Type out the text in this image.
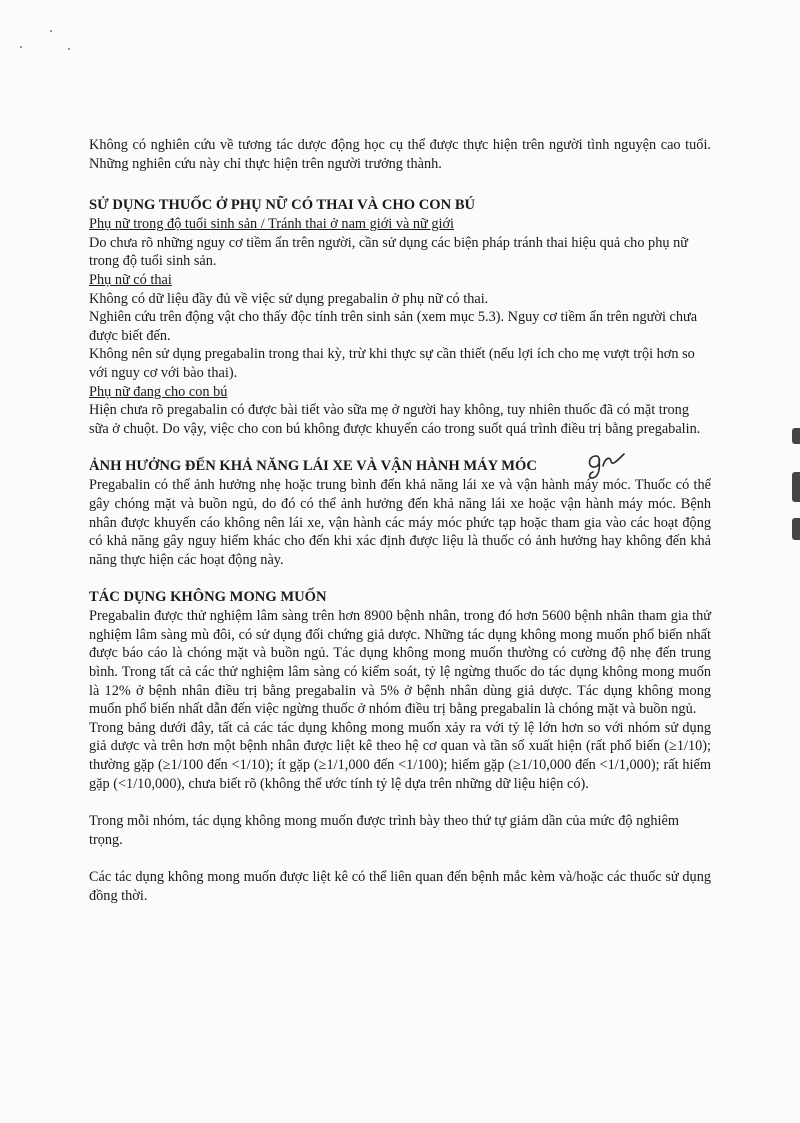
Không có nghiên cứu về tương tác dược động học cụ thể được thực hiện trên người tình nguyện cao tuổi. Những nghiên cứu này chỉ thực hiện trên người trưởng thành.

SỬ DỤNG THUỐC Ở PHỤ NỮ CÓ THAI VÀ CHO CON BÚ

Phụ nữ trong độ tuổi sinh sản / Tránh thai ở nam giới và nữ giới

Do chưa rõ những nguy cơ tiềm ẩn trên người, cần sử dụng các biện pháp tránh thai hiệu quả cho phụ nữ trong độ tuổi sinh sản.

Phụ nữ có thai

Không có dữ liệu đầy đủ về việc sử dụng pregabalin ở phụ nữ có thai.

Nghiên cứu trên động vật cho thấy độc tính trên sinh sản (xem mục 5.3). Nguy cơ tiềm ẩn trên người chưa được biết đến.

Không nên sử dụng pregabalin trong thai kỳ, trừ khi thực sự cần thiết (nếu lợi ích cho mẹ vượt trội hơn so với nguy cơ với bào thai).

Phụ nữ đang cho con bú

Hiện chưa rõ pregabalin có được bài tiết vào sữa mẹ ở người hay không, tuy nhiên thuốc đã có mặt trong sữa ở chuột. Do vậy, việc cho con bú không được khuyến cáo trong suốt quá trình điều trị bằng pregabalin.

ẢNH HƯỞNG ĐẾN KHẢ NĂNG LÁI XE VÀ VẬN HÀNH MÁY MÓC

Pregabalin có thể ảnh hưởng nhẹ hoặc trung bình đến khả năng lái xe và vận hành máy móc. Thuốc có thể gây chóng mặt và buồn ngủ, do đó có thể ảnh hưởng đến khả năng lái xe hoặc vận hành máy móc. Bệnh nhân được khuyến cáo không nên lái xe, vận hành các máy móc phức tạp hoặc tham gia vào các hoạt động có khả năng gây nguy hiểm khác cho đến khi xác định được liệu là thuốc có ảnh hưởng hay không đến khả năng thực hiện các hoạt động này.

TÁC DỤNG KHÔNG MONG MUỐN

Pregabalin được thử nghiệm lâm sàng trên hơn 8900 bệnh nhân, trong đó hơn 5600 bệnh nhân tham gia thử nghiệm lâm sàng mù đôi, có sử dụng đối chứng giả dược. Những tác dụng không mong muốn phổ biến nhất được báo cáo là chóng mặt và buồn ngủ. Tác dụng không mong muốn thường có cường độ nhẹ đến trung bình. Trong tất cả các thử nghiệm lâm sàng có kiểm soát, tỷ lệ ngừng thuốc do tác dụng không mong muốn là 12% ở bệnh nhân điều trị bằng pregabalin và 5% ở bệnh nhân dùng giả dược. Tác dụng không mong muốn phổ biến nhất dẫn đến việc ngừng thuốc ở nhóm điều trị bằng pregabalin là chóng mặt và buồn ngủ.

Trong bảng dưới đây, tất cả các tác dụng không mong muốn xảy ra với tỷ lệ lớn hơn so với nhóm sử dụng giả dược và trên hơn một bệnh nhân được liệt kê theo hệ cơ quan và tần số xuất hiện (rất phổ biến (≥1/10); thường gặp (≥1/100 đến <1/10); ít gặp (≥1/1,000 đến <1/100); hiếm gặp (≥1/10,000 đến <1/1,000); rất hiếm gặp (<1/10,000), chưa biết rõ (không thể ước tính tỷ lệ dựa trên những dữ liệu hiện có).

Trong mỗi nhóm, tác dụng không mong muốn được trình bày theo thứ tự giảm dần của mức độ nghiêm trọng.

Các tác dụng không mong muốn được liệt kê có thể liên quan đến bệnh mắc kèm và/hoặc các thuốc sử dụng đồng thời.
